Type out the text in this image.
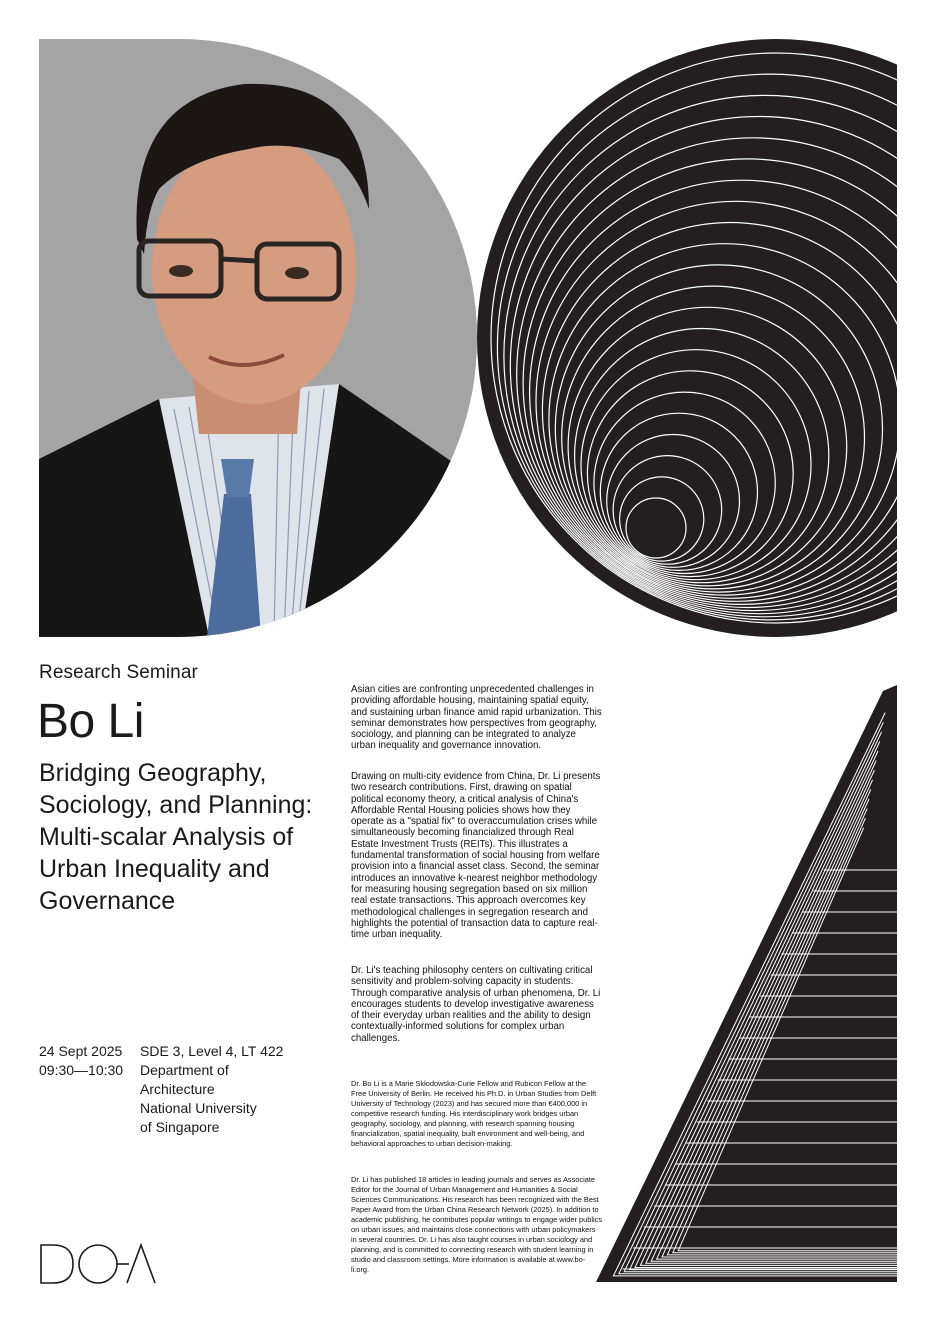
Research Seminar
Bo Li
Bridging Geography, Sociology, and Planning: Multi-scalar Analysis of Urban Inequality and Governance
Asian cities are confronting unprecedented challenges in providing affordable housing, maintaining spatial equity, and sustaining urban finance amid rapid urbanization. This seminar demonstrates how perspectives from geography, sociology, and planning can be integrated to analyze urban inequality and governance innovation.
Drawing on multi-city evidence from China, Dr. Li presents two research contributions. First, drawing on spatial political economy theory, a critical analysis of China's Affordable Rental Housing policies shows how they operate as a "spatial fix" to overaccumulation crises while simultaneously becoming financialized through Real Estate Investment Trusts (REITs). This illustrates a fundamental transformation of social housing from welfare provision into a financial asset class. Second, the seminar introduces an innovative k-nearest neighbor methodology for measuring housing segregation based on six million real estate transactions. This approach overcomes key methodological challenges in segregation research and highlights the potential of transaction data to capture real-time urban inequality.
Dr. Li's teaching philosophy centers on cultivating critical sensitivity and problem-solving capacity in students. Through comparative analysis of urban phenomena, Dr. Li encourages students to develop investigative awareness of their everyday urban realities and the ability to design contextually-informed solutions for complex urban challenges.
Dr. Bo Li is a Marie Skłodowska-Curie Fellow and Rubicon Fellow at the Free University of Berlin. He received his Ph.D. in Urban Studies from Delft University of Technology (2023) and has secured more than €400,000 in competitive research funding. His interdisciplinary work bridges urban geography, sociology, and planning, with research spanning housing financialization, spatial inequality, built environment and well-being, and behavioral approaches to urban decision-making.
Dr. Li has published 18 articles in leading journals and serves as Associate Editor for the Journal of Urban Management and Humanities & Social Sciences Communications. His research has been recognized with the Best Paper Award from the Urban China Research Network (2025). In addition to academic publishing, he contributes popular writings to engage wider publics on urban issues, and maintains close connections with urban policymakers in several countries. Dr. Li has also taught courses in urban sociology and planning, and is committed to connecting research with student learning in studio and classroom settings. More information is available at www.bo-li.org.
24 Sept 2025
09:30—10:30
SDE 3, Level 4, LT 422
Department of
Architecture
National University
of Singapore
